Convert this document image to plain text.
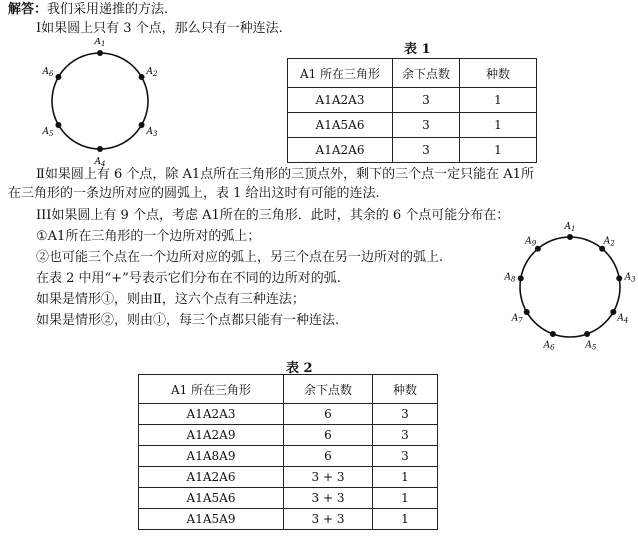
解答：我们采用递推的方法.
Ⅰ如果圆上只有 3 个点，那么只有一种连法.
$A_1$
$A_2$
$A_3$
$A_4$
$A_5$
$A_6$
表 1
A1 所在三角形	余下点数	种数
A1A2A3	3	1
A1A5A6	3	1
A1A2A6	3	1
Ⅱ如果圆上有 6 个点，除 A1点所在三角形的三顶点外，剩下的三个点一定只能在 A1所
在三角形的一条边所对应的圆弧上，表 1 给出这时有可能的连法.
III如果圆上有 9 个点，考虑 A1所在的三角形．此时，其余的 6 个点可能分布在：
①A1所在三角形的一个边所对的弧上；
②也可能三个点在一个边所对应的弧上，另三个点在另一边所对的弧上.
在表 2 中用“+”号表示它们分布在不同的边所对的弧.
如果是情形①，则由Ⅱ，这六个点有三种连法；
如果是情形②，则由①，每三个点都只能有一种连法.
$A_1$
$A_2$
$A_3$
$A_4$
$A_5$
$A_6$
$A_7$
$A_8$
$A_9$
表 2
A1 所在三角形	余下点数	种数
A1A2A3	6	3
A1A2A9	6	3
A1A8A9	6	3
A1A2A6	3 + 3	1
A1A5A6	3 + 3	1
A1A5A9	3 + 3	1
